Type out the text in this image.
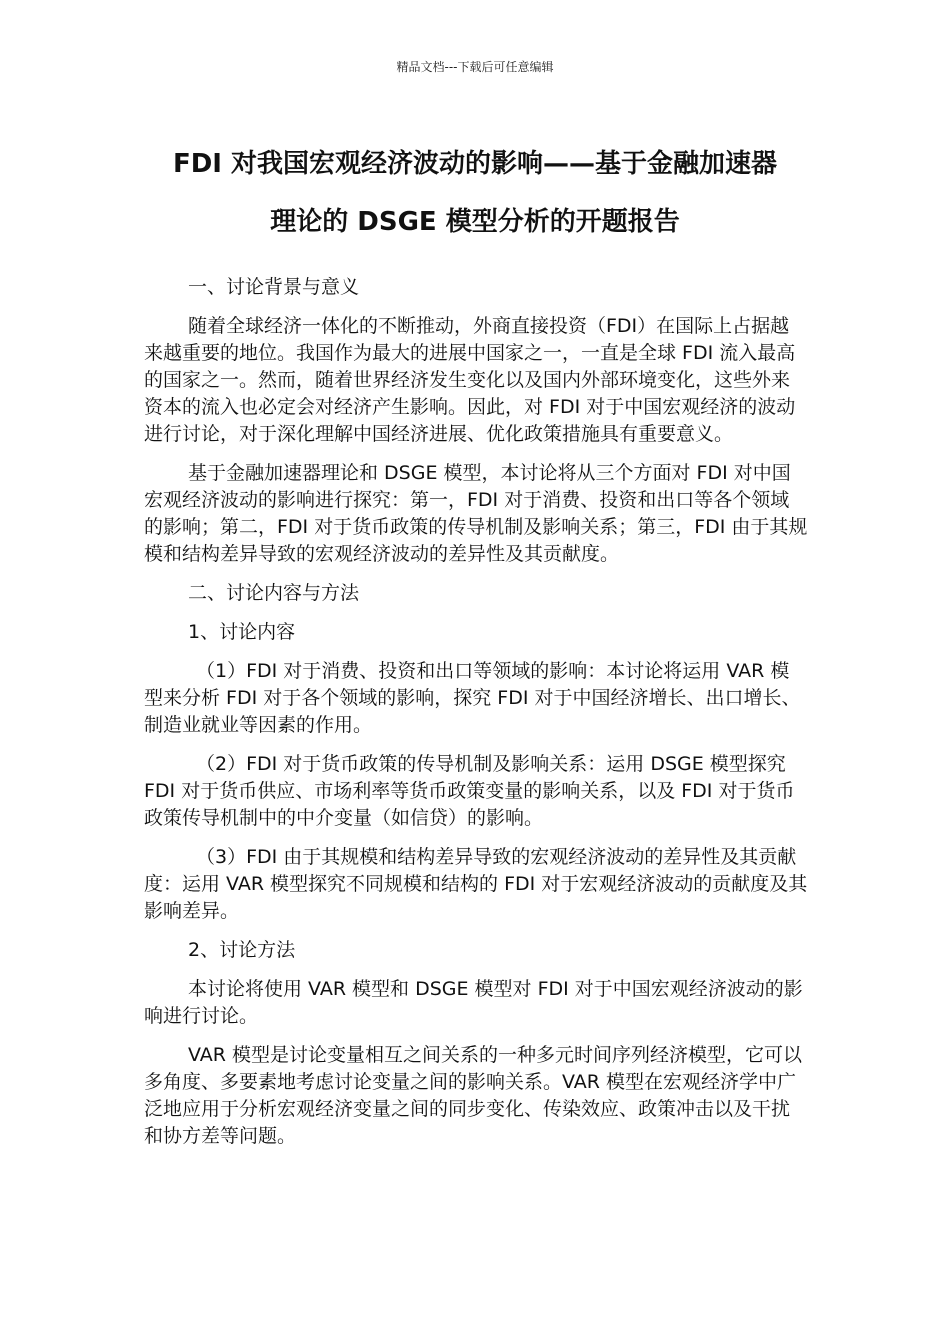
精品文档---下载后可任意编辑
FDI 对我国宏观经济波动的影响——基于金融加速器
理论的 DSGE 模型分析的开题报告

一、讨论背景与意义

随着全球经济一体化的不断推动，外商直接投资（FDI）在国际上占据越来越重要的地位。我国作为最大的进展中国家之一，一直是全球 FDI 流入最高的国家之一。然而，随着世界经济发生变化以及国内外部环境变化，这些外来资本的流入也必定会对经济产生影响。因此，对 FDI 对于中国宏观经济的波动进行讨论，对于深化理解中国经济进展、优化政策措施具有重要意义。

基于金融加速器理论和 DSGE 模型，本讨论将从三个方面对 FDI 对中国宏观经济波动的影响进行探究：第一，FDI 对于消费、投资和出口等各个领域的影响；第二，FDI 对于货币政策的传导机制及影响关系；第三，FDI 由于其规模和结构差异导致的宏观经济波动的差异性及其贡献度。

二、讨论内容与方法

1、讨论内容

（1）FDI 对于消费、投资和出口等领域的影响：本讨论将运用 VAR 模型来分析 FDI 对于各个领域的影响，探究 FDI 对于中国经济增长、出口增长、制造业就业等因素的作用。

（2）FDI 对于货币政策的传导机制及影响关系：运用 DSGE 模型探究 FDI 对于货币供应、市场利率等货币政策变量的影响关系，以及 FDI 对于货币政策传导机制中的中介变量（如信贷）的影响。

（3）FDI 由于其规模和结构差异导致的宏观经济波动的差异性及其贡献度：运用 VAR 模型探究不同规模和结构的 FDI 对于宏观经济波动的贡献度及其影响差异。

2、讨论方法

本讨论将使用 VAR 模型和 DSGE 模型对 FDI 对于中国宏观经济波动的影响进行讨论。

VAR 模型是讨论变量相互之间关系的一种多元时间序列经济模型，它可以多角度、多要素地考虑讨论变量之间的影响关系。VAR 模型在宏观经济学中广泛地应用于分析宏观经济变量之间的同步变化、传染效应、政策冲击以及干扰和协方差等问题。
